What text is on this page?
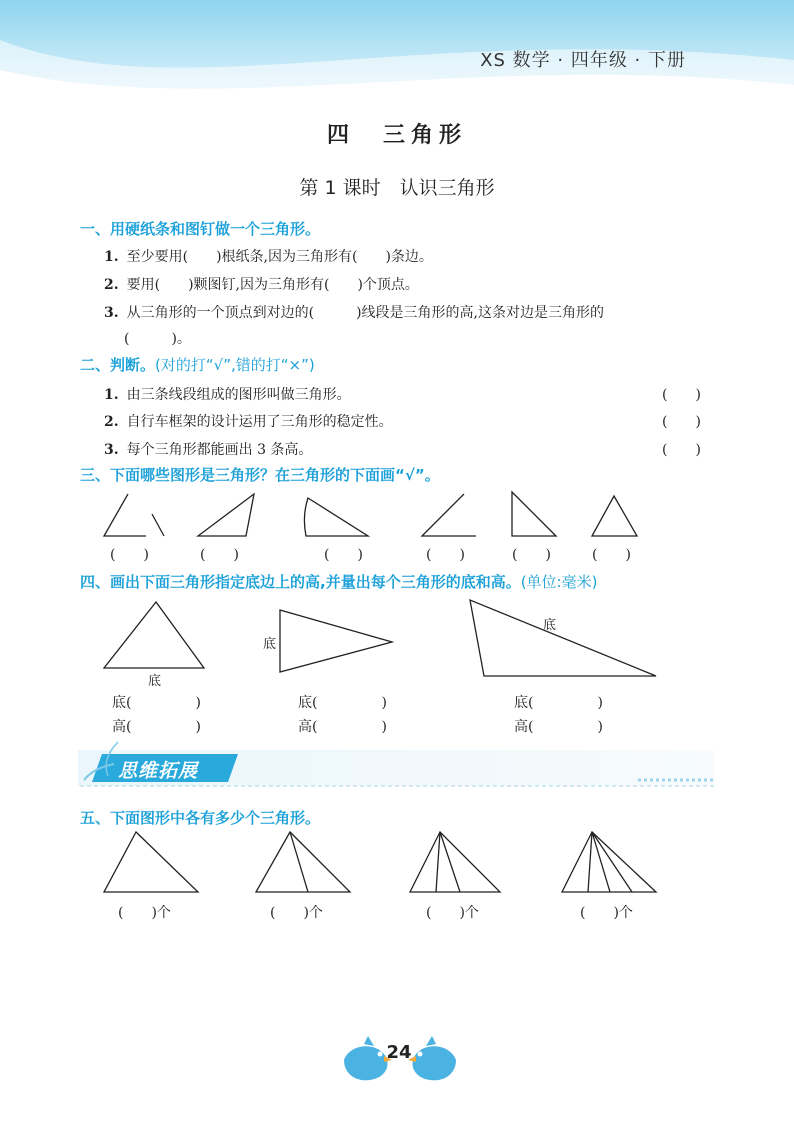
XS 数学 · 四年级 · 下册
四　三角形
第 1 课时　认识三角形
一、用硬纸条和图钉做一个三角形。
1. 至少要用(　　)根纸条,因为三角形有(　　)条边。
2. 要用(　　)颗图钉,因为三角形有(　　)个顶点。
3. 从三角形的一个顶点到对边的(　　　)线段是三角形的高,这条对边是三角形的
(　　　)。
二、判断。(对的打“√”,错的打“×”)
1. 由三条线段组成的图形叫做三角形。	(　　)
2. 自行车框架的设计运用了三角形的稳定性。	(　　)
3. 每个三角形都能画出 3 条高。	(　　)
三、下面哪些图形是三角形？在三角形的下面画“√”。
(　　)	(　　)	(　　)	(　　)	(　　)	(　　)
四、画出下面三角形指定底边上的高,并量出每个三角形的底和高。(单位:毫米)
底
底
底
底(	)
高(	)
底(	)
高(	)
底(	)
高(	)
思维拓展
五、下面图形中各有多少个三角形。
(　　)个	(　　)个	(　　)个	(　　)个
24
